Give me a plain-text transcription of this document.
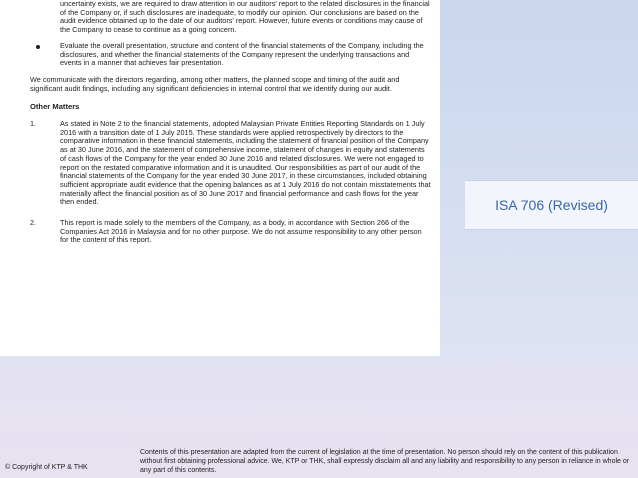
uncertainty exists, we are required to draw attention in our auditors' report to the related disclosures in the financial of the Company or, if such disclosures are inadequate, to modify our opinion. Our conclusions are based on the audit evidence obtained up to the date of our auditors' report. However, future events or conditions may cause of the Company to cease to continue as a going concern.

Evaluate the overall presentation, structure and content of the financial statements of the Company, including the disclosures, and whether the financial statements of the Company represent the underlying transactions and events in a manner that achieves fair presentation.
We communicate with the directors regarding, among other matters, the planned scope and timing of the audit and significant audit findings, including any significant deficiencies in internal control that we identify during our audit.
Other Matters
1.	As stated in Note 2 to the financial statements, adopted Malaysian Private Entities Reporting Standards on 1 July 2016 with a transition date of 1 July 2015. These standards were applied retrospectively by directors to the comparative information in these financial statements, including the statement of financial position of the Company as at 30 June 2016, and the statement of comprehensive income, statement of changes in equity and statements of cash flows of the Company for the year ended 30 June 2016 and related disclosures. We were not engaged to report on the restated comparative information and it is unaudited. Our responsibilities as part of our audit of the financial statements of the Company for the year ended 30 June 2017, in these circumstances, included obtaining sufficient appropriate audit evidence that the opening balances as at 1 July 2016 do not contain misstatements that materially affect the financial position as of 30 June 2017 and financial performance and cash flows for the year then ended.
2.	This report is made solely to the members of the Company, as a body, in accordance with Section 266 of the Companies Act 2016 in Malaysia and for no other purpose. We do not assume responsibility to any other person for the content of this report.
ISA 706 (Revised)
© Copyright of KTP & THK
Contents of this presentation are adapted from the current of legislation at the time of presentation. No person should rely on the content of this publication without first obtaining professional advice. We, KTP or THK, shall expressly disclaim all and any liability and responsibility to any person in reliance in whole or any part of this contents.
